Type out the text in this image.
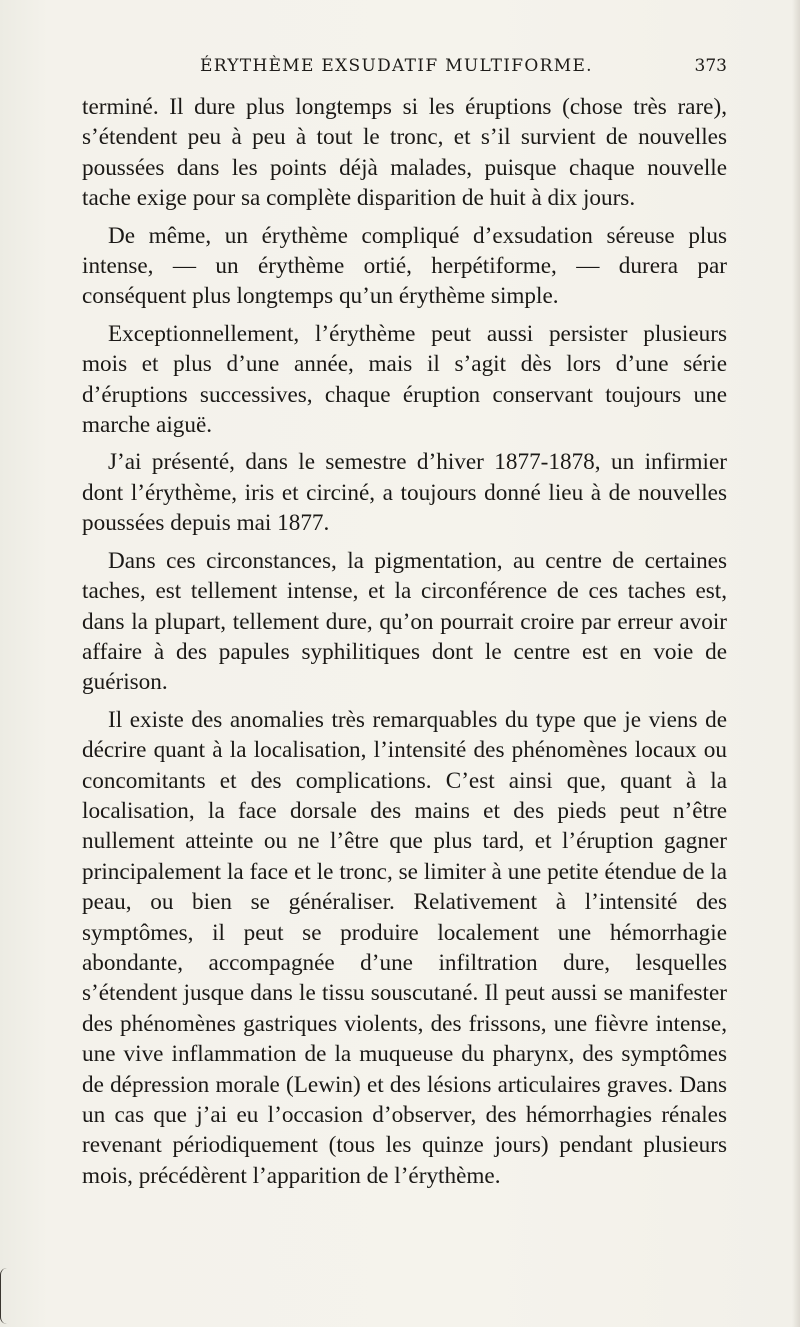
ÉRYTHÈME EXSUDATIF MULTIFORME.	373

terminé. Il dure plus longtemps si les éruptions (chose très rare), s’étendent peu à peu à tout le tronc, et s’il survient de nouvelles poussées dans les points déjà malades, puisque chaque nouvelle tache exige pour sa complète disparition de huit à dix jours.

De même, un érythème compliqué d’exsudation séreuse plus intense, — un érythème ortié, herpétiforme, — durera par conséquent plus longtemps qu’un érythème simple.

Exceptionnellement, l’érythème peut aussi persister plusieurs mois et plus d’une année, mais il s’agit dès lors d’une série d’éruptions successives, chaque éruption conservant toujours une marche aiguë.

J’ai présenté, dans le semestre d’hiver 1877-1878, un infirmier dont l’érythème, iris et circiné, a toujours donné lieu à de nouvelles poussées depuis mai 1877.

Dans ces circonstances, la pigmentation, au centre de certaines taches, est tellement intense, et la circonférence de ces taches est, dans la plupart, tellement dure, qu’on pourrait croire par erreur avoir affaire à des papules syphilitiques dont le centre est en voie de guérison.

Il existe des anomalies très remarquables du type que je viens de décrire quant à la localisation, l’intensité des phénomènes locaux ou concomitants et des complications. C’est ainsi que, quant à la localisation, la face dorsale des mains et des pieds peut n’être nullement atteinte ou ne l’être que plus tard, et l’éruption gagner principalement la face et le tronc, se limiter à une petite étendue de la peau, ou bien se généraliser. Relativement à l’intensité des symptômes, il peut se produire localement une hémorrhagie abondante, accompagnée d’une infiltration dure, lesquelles s’étendent jusque dans le tissu souscutané. Il peut aussi se manifester des phénomènes gastriques violents, des frissons, une fièvre intense, une vive inflammation de la muqueuse du pharynx, des symptômes de dépression morale (Lewin) et des lésions articulaires graves. Dans un cas que j’ai eu l’occasion d’observer, des hémorrhagies rénales revenant périodiquement (tous les quinze jours) pendant plusieurs mois, précédèrent l’apparition de l’érythème.
